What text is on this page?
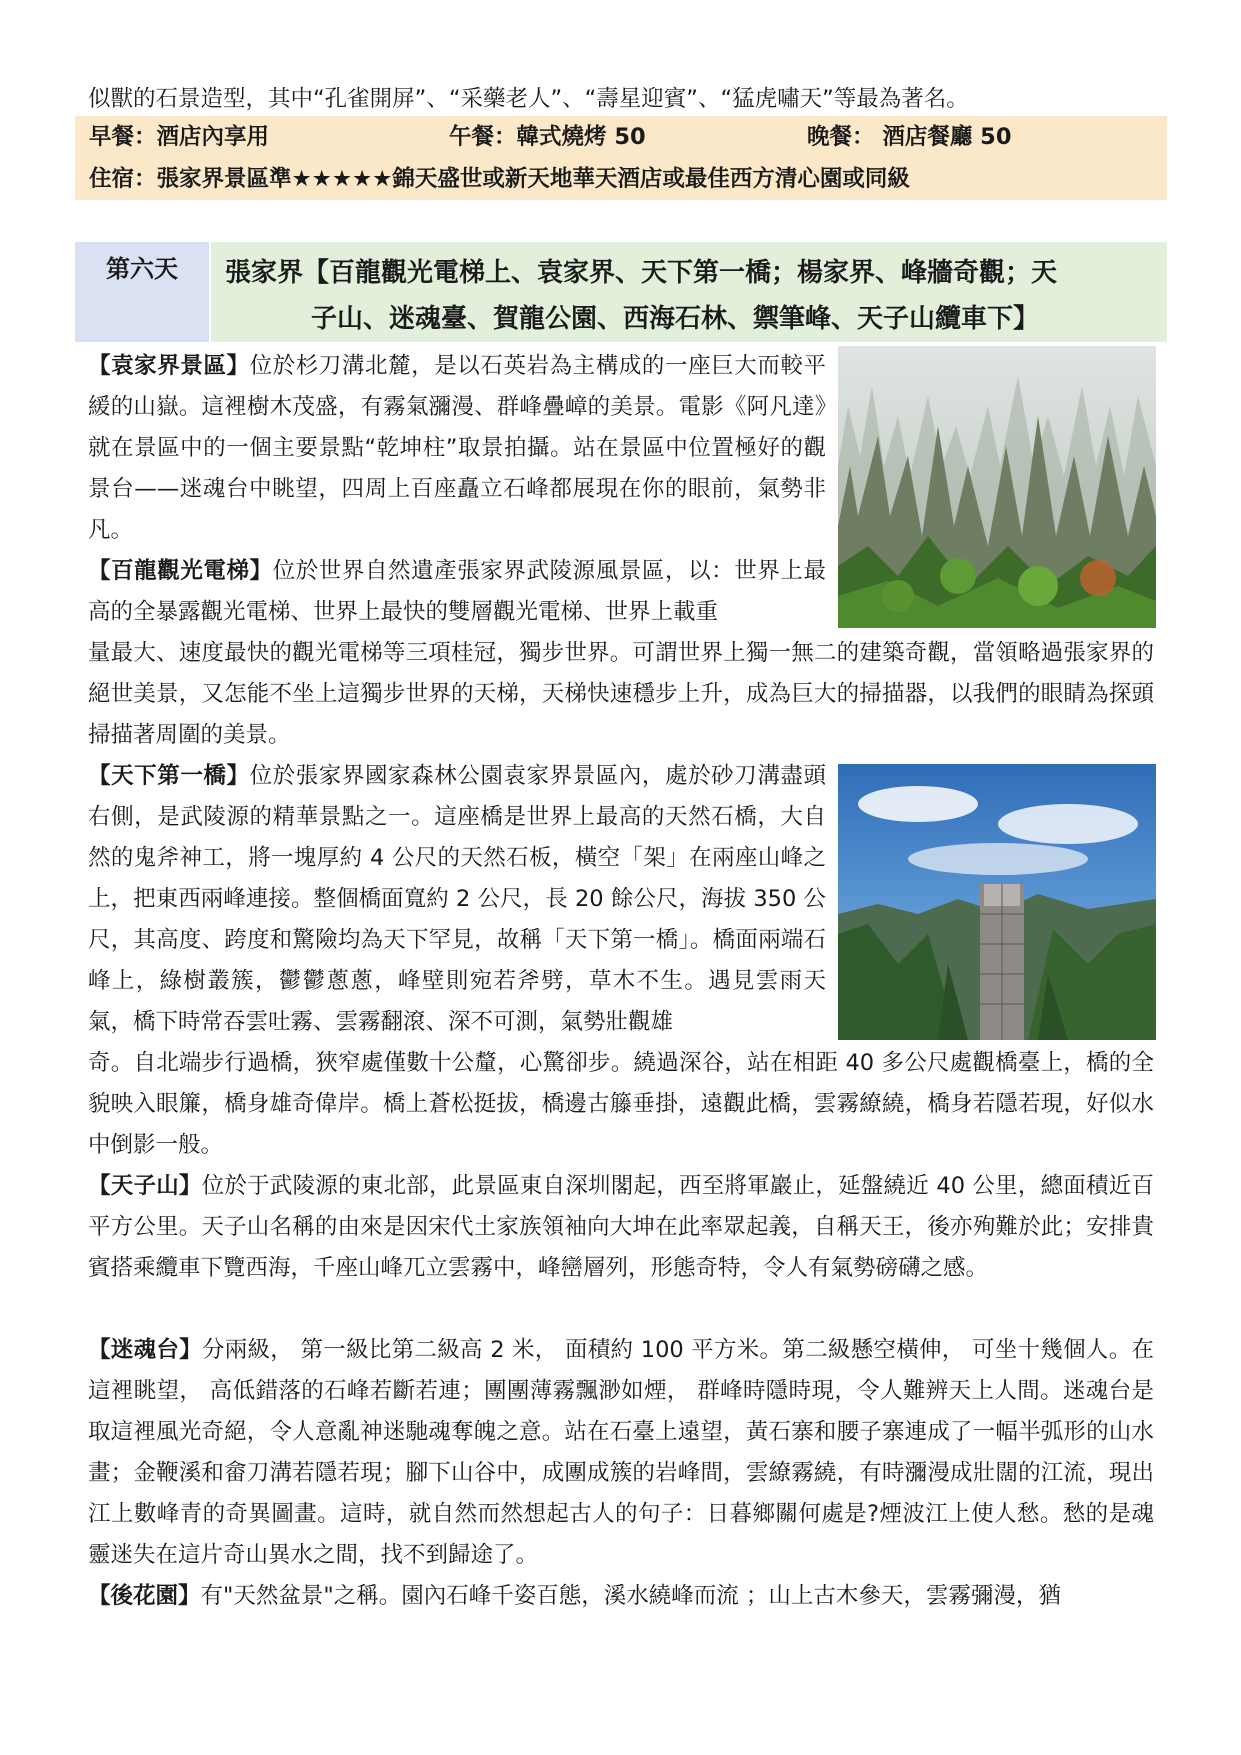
似獸的石景造型，其中“孔雀開屏”、“采藥老人”、“壽星迎賓”、“猛虎嘯天”等最為著名。

早餐：酒店內享用	午餐：韓式燒烤 50	晚餐： 酒店餐廳 50
住宿：張家界景區準★★★★★錦天盛世或新天地華天酒店或最佳西方清心園或同級
第六天	張家界【百龍觀光電梯上、袁家界、天下第一橋；楊家界、峰牆奇觀；天
子山、迷魂臺、賀龍公園、西海石林、禦筆峰、天子山纜車下】

【袁家界景區】位於杉刀溝北麓，是以石英岩為主構成的一座巨大而較平緩的山嶽。這裡樹木茂盛，有霧氣瀰漫、群峰疊嶂的美景。電影《阿凡達》就在景區中的一個主要景點“乾坤柱”取景拍攝。站在景區中位置極好的觀景台——迷魂台中眺望，四周上百座矗立石峰都展現在你的眼前，氣勢非凡。

【百龍觀光電梯】位於世界自然遺產張家界武陵源風景區，以：世界上最高的全暴露觀光電梯、世界上最快的雙層觀光電梯、世界上載重

量最大、速度最快的觀光電梯等三項桂冠，獨步世界。可謂世界上獨一無二的建築奇觀，當領略過張家界的絕世美景，又怎能不坐上這獨步世界的天梯，天梯快速穩步上升，成為巨大的掃描器，以我們的眼睛為探頭掃描著周圍的美景。

【天下第一橋】位於張家界國家森林公園袁家界景區內，處於砂刀溝盡頭右側，是武陵源的精華景點之一。這座橋是世界上最高的天然石橋，大自然的鬼斧神工，將一塊厚約 4 公尺的天然石板，橫空「架」在兩座山峰之上，把東西兩峰連接。整個橋面寬約 2 公尺，長 20 餘公尺，海拔 350 公尺，其高度、跨度和驚險均為天下罕見，故稱「天下第一橋」。橋面兩端石峰上，綠樹叢簇，鬱鬱蔥蔥，峰壁則宛若斧劈，草木不生。遇見雲雨天氣，橋下時常吞雲吐霧、雲霧翻滾、深不可測，氣勢壯觀雄

奇。自北端步行過橋，狹窄處僅數十公釐，心驚卻步。繞過深谷，站在相距 40 多公尺處觀橋臺上，橋的全貌映入眼簾，橋身雄奇偉岸。橋上蒼松挺拔，橋邊古籐垂掛，遠觀此橋，雲霧繚繞，橋身若隱若現，好似水中倒影一般。

【天子山】位於于武陵源的東北部，此景區東自深圳閣起，西至將軍巖止，延盤繞近 40 公里，總面積近百平方公里。天子山名稱的由來是因宋代土家族領袖向大坤在此率眾起義，自稱天王，後亦殉難於此；安排貴賓搭乘纜車下覽西海，千座山峰兀立雲霧中，峰巒層列，形態奇特，令人有氣勢磅礴之感。

【迷魂台】分兩級， 第一級比第二級高 2 米， 面積約 100 平方米。第二級懸空橫伸， 可坐十幾個人。在這裡眺望， 高低錯落的石峰若斷若連；團團薄霧飄渺如煙， 群峰時隱時現，令人難辨天上人間。迷魂台是取這裡風光奇絕，令人意亂神迷馳魂奪魄之意。站在石臺上遠望，黃石寨和腰子寨連成了一幅半弧形的山水畫；金鞭溪和畲刀溝若隱若現；腳下山谷中，成團成簇的岩峰間，雲繚霧繞，有時瀰漫成壯闊的江流，現出江上數峰青的奇異圖畫。這時，就自然而然想起古人的句子：日暮鄉關何處是?煙波江上使人愁。愁的是魂靈迷失在這片奇山異水之間，找不到歸途了。

【後花園】有"天然盆景"之稱。園內石峰千姿百態，溪水繞峰而流 ；山上古木參天，雲霧彌漫，猶
